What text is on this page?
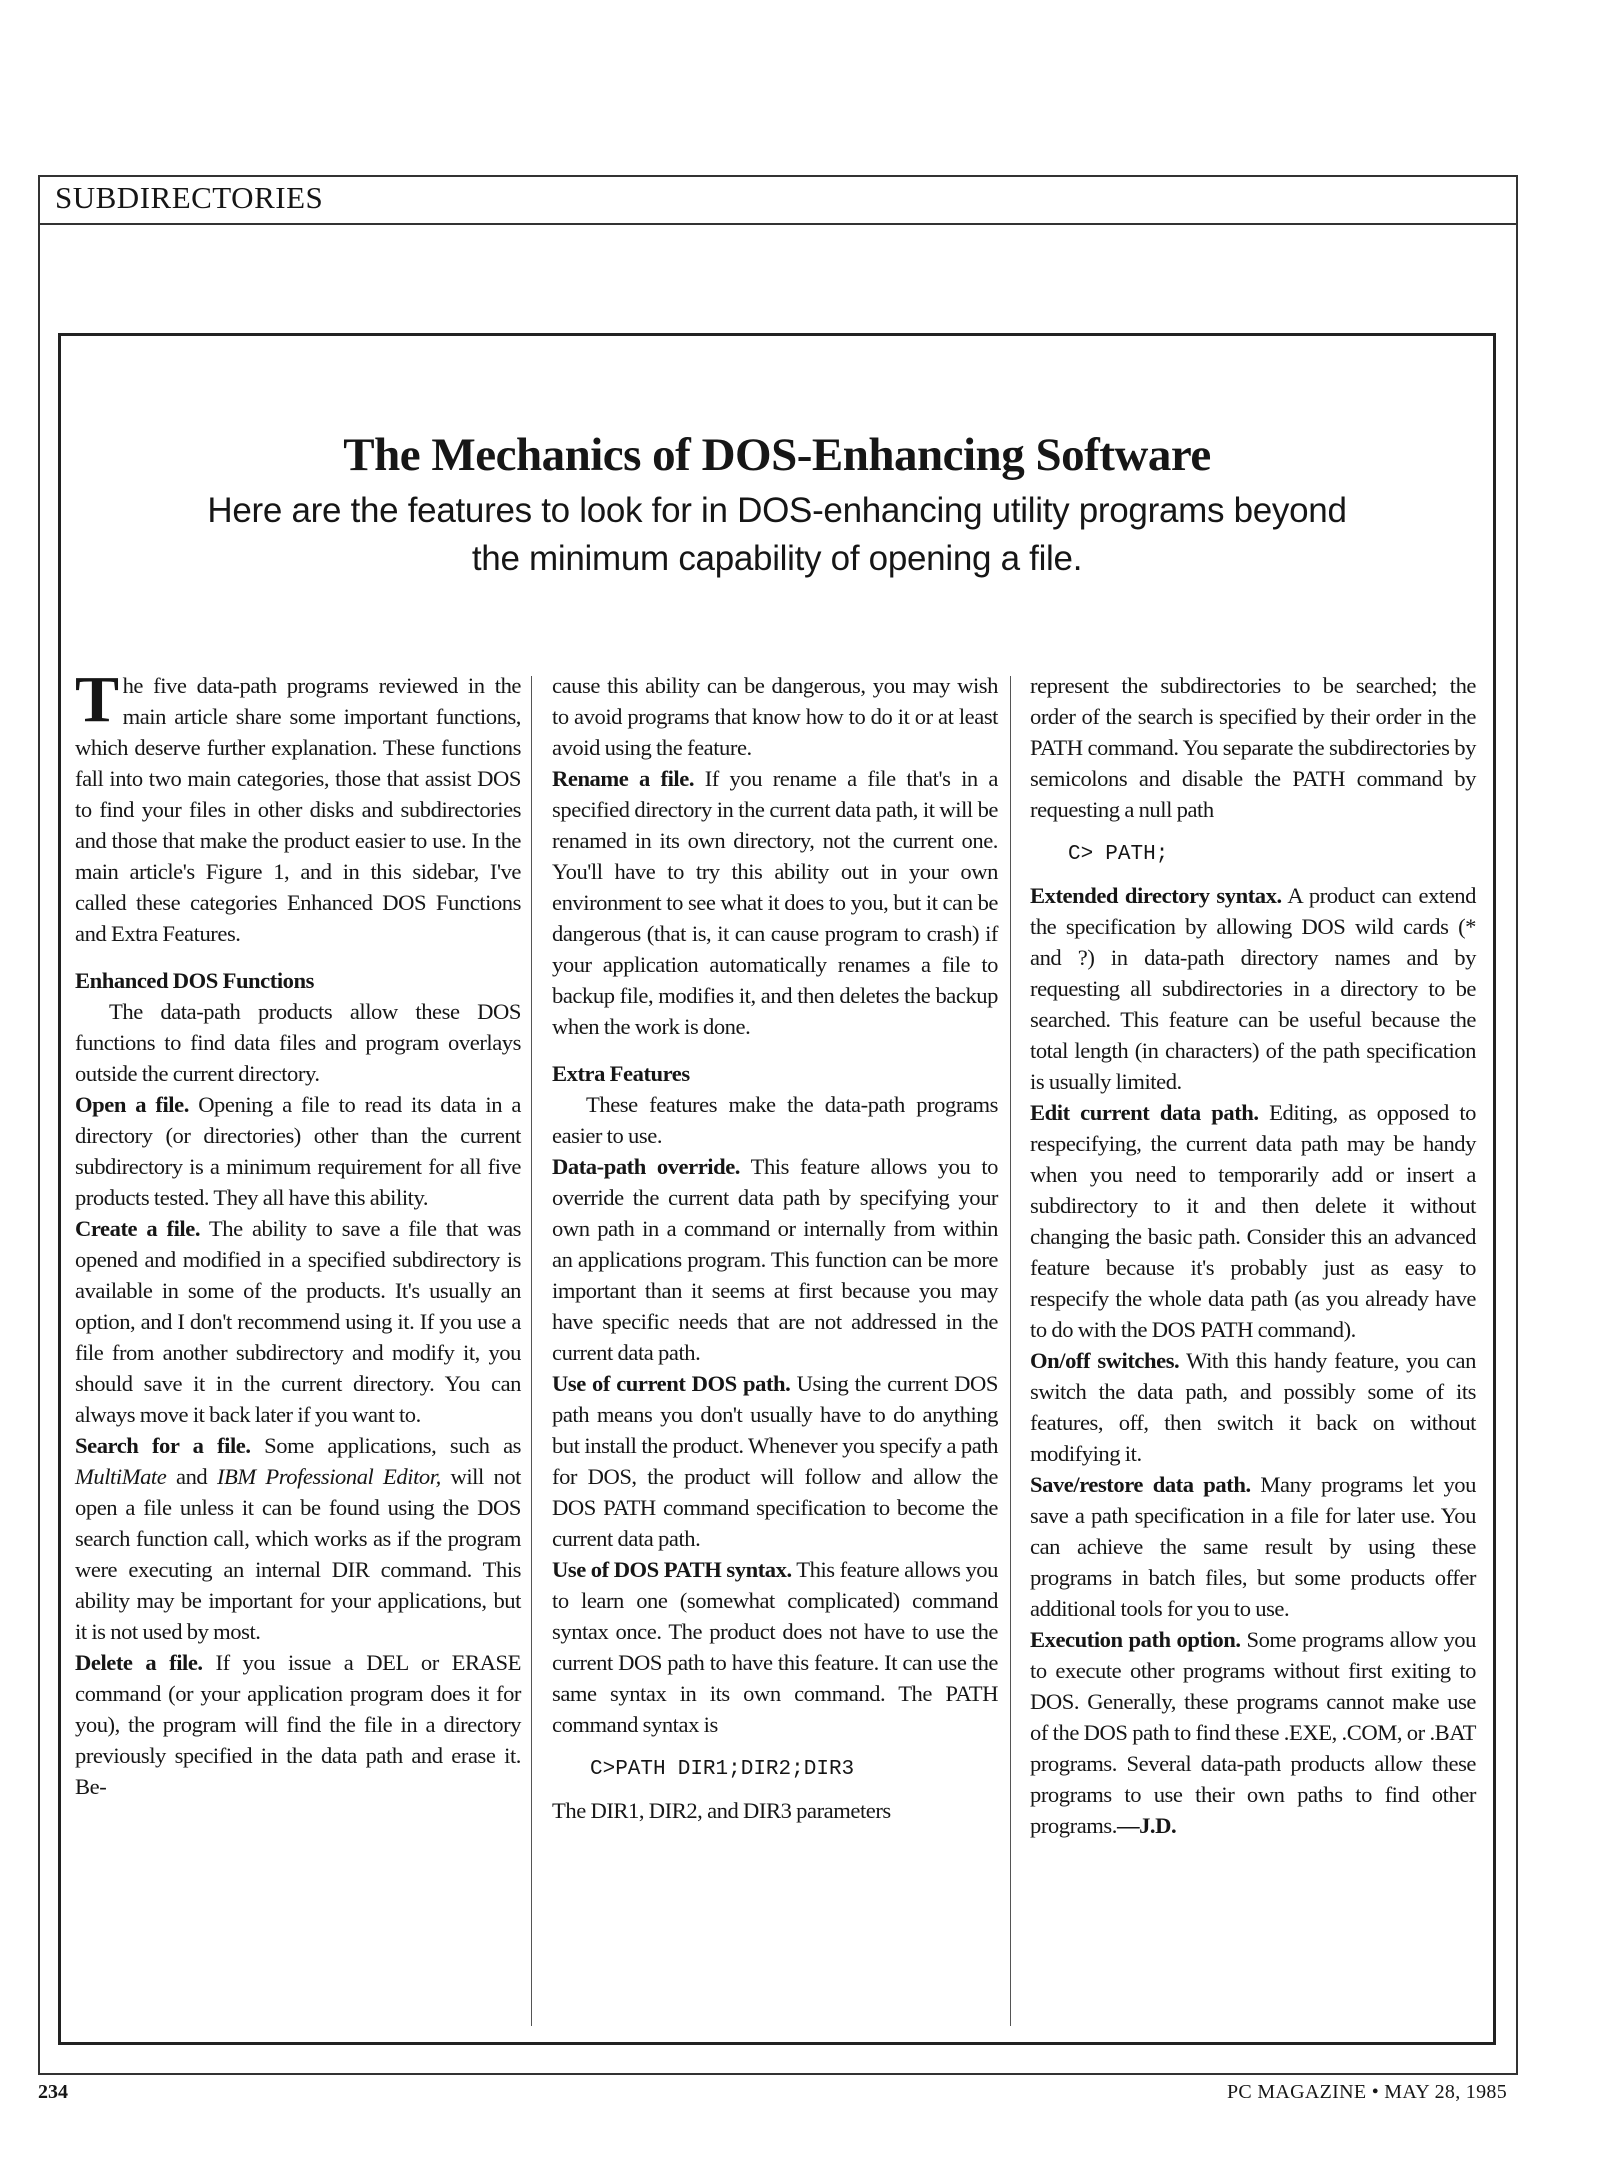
SUBDIRECTORIES
The Mechanics of DOS-Enhancing Software

Here are the features to look for in DOS-enhancing utility programs beyond the minimum capability of opening a file.

The five data-path programs reviewed in the main article share some important functions, which deserve further explanation. These functions fall into two main categories, those that assist DOS to find your files in other disks and subdirectories and those that make the product easier to use. In the main article's Figure 1, and in this sidebar, I've called these categories Enhanced DOS Functions and Extra Features.

Enhanced DOS Functions

The data-path products allow these DOS functions to find data files and program overlays outside the current directory.

Open a file. Opening a file to read its data in a directory (or directories) other than the current subdirectory is a minimum requirement for all five products tested. They all have this ability.

Create a file. The ability to save a file that was opened and modified in a specified subdirectory is available in some of the products. It's usually an option, and I don't recommend using it. If you use a file from another subdirectory and modify it, you should save it in the current directory. You can always move it back later if you want to.

Search for a file. Some applications, such as MultiMate and IBM Professional Editor, will not open a file unless it can be found using the DOS search function call, which works as if the program were executing an internal DIR command. This ability may be important for your applications, but it is not used by most.

Delete a file. If you issue a DEL or ERASE command (or your application program does it for you), the program will find the file in a directory previously specified in the data path and erase it. Be-

cause this ability can be dangerous, you may wish to avoid programs that know how to do it or at least avoid using the feature.

Rename a file. If you rename a file that's in a specified directory in the current data path, it will be renamed in its own directory, not the current one. You'll have to try this ability out in your own environment to see what it does to you, but it can be dangerous (that is, it can cause program to crash) if your application automatically renames a file to backup file, modifies it, and then deletes the backup when the work is done.

Extra Features

These features make the data-path programs easier to use.

Data-path override. This feature allows you to override the current data path by specifying your own path in a command or internally from within an applications program. This function can be more important than it seems at first because you may have specific needs that are not addressed in the current data path.

Use of current DOS path. Using the current DOS path means you don't usually have to do anything but install the product. Whenever you specify a path for DOS, the product will follow and allow the DOS PATH command specification to become the current data path.

Use of DOS PATH syntax. This feature allows you to learn one (somewhat complicated) command syntax once. The product does not have to use the current DOS path to have this feature. It can use the same syntax in its own command. The PATH command syntax is

C>PATH DIR1;DIR2;DIR3

The DIR1, DIR2, and DIR3 parameters

represent the subdirectories to be searched; the order of the search is specified by their order in the PATH command. You separate the subdirectories by semicolons and disable the PATH command by requesting a null path

C> PATH;

Extended directory syntax. A product can extend the specification by allowing DOS wild cards (* and ?) in data-path directory names and by requesting all subdirectories in a directory to be searched. This feature can be useful because the total length (in characters) of the path specification is usually limited.

Edit current data path. Editing, as opposed to respecifying, the current data path may be handy when you need to temporarily add or insert a subdirectory to it and then delete it without changing the basic path. Consider this an advanced feature because it's probably just as easy to respecify the whole data path (as you already have to do with the DOS PATH command).

On/off switches. With this handy feature, you can switch the data path, and possibly some of its features, off, then switch it back on without modifying it.

Save/restore data path. Many programs let you save a path specification in a file for later use. You can achieve the same result by using these programs in batch files, but some products offer additional tools for you to use.

Execution path option. Some programs allow you to execute other programs without first exiting to DOS. Generally, these programs cannot make use of the DOS path to find these .EXE, .COM, or .BAT programs. Several data-path products allow these programs to use their own paths to find other programs.—J.D.

234	PC MAGAZINE • MAY 28, 1985
